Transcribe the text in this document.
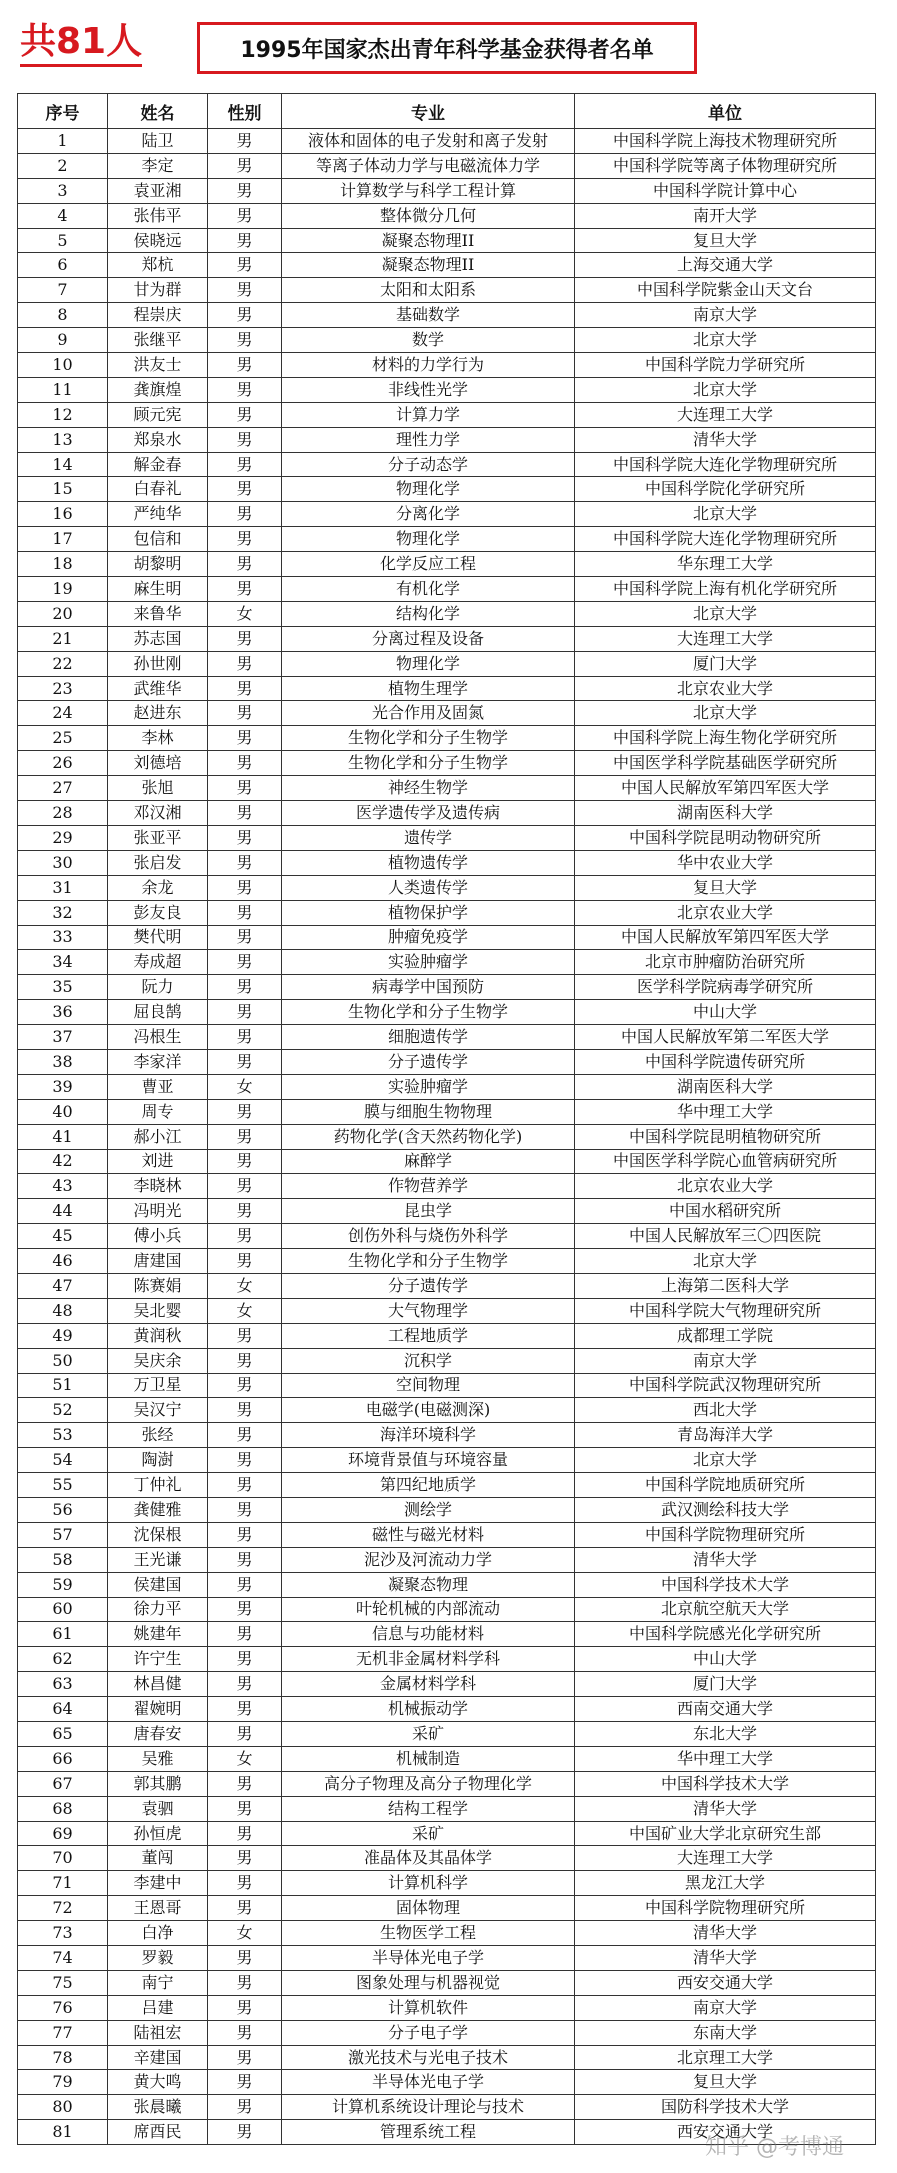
共81人	1995年国家杰出青年科学基金获得者名单
序号	姓名	性别	专业	单位
1	陆卫	男	液体和固体的电子发射和离子发射	中国科学院上海技术物理研究所
2	李定	男	等离子体动力学与电磁流体力学	中国科学院等离子体物理研究所
3	袁亚湘	男	计算数学与科学工程计算	中国科学院计算中心
4	张伟平	男	整体微分几何	南开大学
5	侯晓远	男	凝聚态物理II	复旦大学
6	郑杭	男	凝聚态物理II	上海交通大学
7	甘为群	男	太阳和太阳系	中国科学院紫金山天文台
8	程崇庆	男	基础数学	南京大学
9	张继平	男	数学	北京大学
10	洪友士	男	材料的力学行为	中国科学院力学研究所
11	龚旗煌	男	非线性光学	北京大学
12	顾元宪	男	计算力学	大连理工大学
13	郑泉水	男	理性力学	清华大学
14	解金春	男	分子动态学	中国科学院大连化学物理研究所
15	白春礼	男	物理化学	中国科学院化学研究所
16	严纯华	男	分离化学	北京大学
17	包信和	男	物理化学	中国科学院大连化学物理研究所
18	胡黎明	男	化学反应工程	华东理工大学
19	麻生明	男	有机化学	中国科学院上海有机化学研究所
20	来鲁华	女	结构化学	北京大学
21	苏志国	男	分离过程及设备	大连理工大学
22	孙世刚	男	物理化学	厦门大学
23	武维华	男	植物生理学	北京农业大学
24	赵进东	男	光合作用及固氮	北京大学
25	李林	男	生物化学和分子生物学	中国科学院上海生物化学研究所
26	刘德培	男	生物化学和分子生物学	中国医学科学院基础医学研究所
27	张旭	男	神经生物学	中国人民解放军第四军医大学
28	邓汉湘	男	医学遗传学及遗传病	湖南医科大学
29	张亚平	男	遗传学	中国科学院昆明动物研究所
30	张启发	男	植物遗传学	华中农业大学
31	余龙	男	人类遗传学	复旦大学
32	彭友良	男	植物保护学	北京农业大学
33	樊代明	男	肿瘤免疫学	中国人民解放军第四军医大学
34	寿成超	男	实验肿瘤学	北京市肿瘤防治研究所
35	阮力	男	病毒学中国预防	医学科学院病毒学研究所
36	屈良鹄	男	生物化学和分子生物学	中山大学
37	冯根生	男	细胞遗传学	中国人民解放军第二军医大学
38	李家洋	男	分子遗传学	中国科学院遗传研究所
39	曹亚	女	实验肿瘤学	湖南医科大学
40	周专	男	膜与细胞生物物理	华中理工大学
41	郝小江	男	药物化学(含天然药物化学)	中国科学院昆明植物研究所
42	刘进	男	麻醉学	中国医学科学院心血管病研究所
43	李晓林	男	作物营养学	北京农业大学
44	冯明光	男	昆虫学	中国水稻研究所
45	傅小兵	男	创伤外科与烧伤外科学	中国人民解放军三〇四医院
46	唐建国	男	生物化学和分子生物学	北京大学
47	陈赛娟	女	分子遗传学	上海第二医科大学
48	吴北婴	女	大气物理学	中国科学院大气物理研究所
49	黄润秋	男	工程地质学	成都理工学院
50	吴庆余	男	沉积学	南京大学
51	万卫星	男	空间物理	中国科学院武汉物理研究所
52	吴汉宁	男	电磁学(电磁测深)	西北大学
53	张经	男	海洋环境科学	青岛海洋大学
54	陶澍	男	环境背景值与环境容量	北京大学
55	丁仲礼	男	第四纪地质学	中国科学院地质研究所
56	龚健雅	男	测绘学	武汉测绘科技大学
57	沈保根	男	磁性与磁光材料	中国科学院物理研究所
58	王光谦	男	泥沙及河流动力学	清华大学
59	侯建国	男	凝聚态物理	中国科学技术大学
60	徐力平	男	叶轮机械的内部流动	北京航空航天大学
61	姚建年	男	信息与功能材料	中国科学院感光化学研究所
62	许宁生	男	无机非金属材料学科	中山大学
63	林昌健	男	金属材料学科	厦门大学
64	翟婉明	男	机械振动学	西南交通大学
65	唐春安	男	采矿	东北大学
66	吴雅	女	机械制造	华中理工大学
67	郭其鹏	男	高分子物理及高分子物理化学	中国科学技术大学
68	袁驷	男	结构工程学	清华大学
69	孙恒虎	男	采矿	中国矿业大学北京研究生部
70	董闯	男	准晶体及其晶体学	大连理工大学
71	李建中	男	计算机科学	黑龙江大学
72	王恩哥	男	固体物理	中国科学院物理研究所
73	白净	女	生物医学工程	清华大学
74	罗毅	男	半导体光电子学	清华大学
75	南宁	男	图象处理与机器视觉	西安交通大学
76	吕建	男	计算机软件	南京大学
77	陆祖宏	男	分子电子学	东南大学
78	辛建国	男	激光技术与光电子技术	北京理工大学
79	黄大鸣	男	半导体光电子学	复旦大学
80	张晨曦	男	计算机系统设计理论与技术	国防科学技术大学
81	席酉民	男	管理系统工程	西安交通大学
知乎 @考博通
